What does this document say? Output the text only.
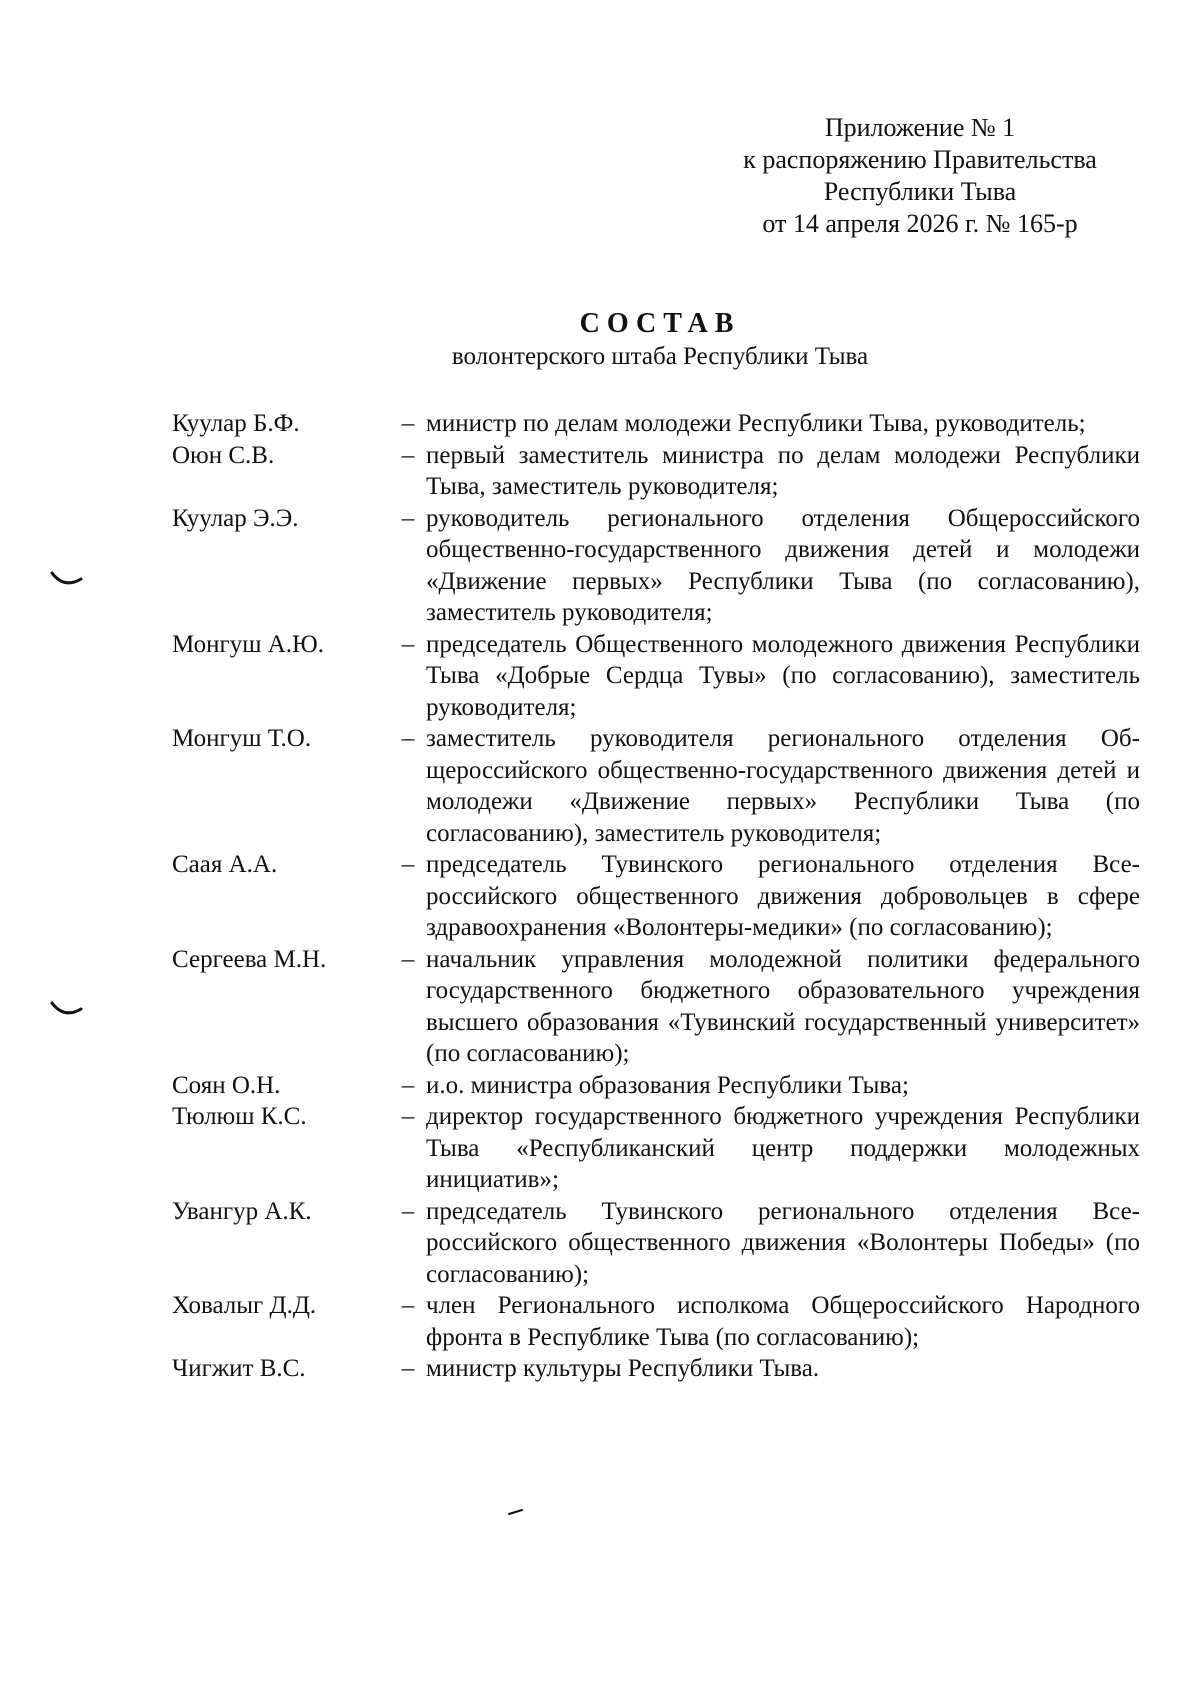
Приложение № 1
к распоряжению Правительства
Республики Тыва
от 14 апреля 2026 г. № 165-р
СОСТАВ
волонтерского штаба Республики Тыва
Куулар Б.Ф.	– министр по делам молодежи Республики Тыва, руководитель;
Оюн С.В.	– первый заместитель министра по делам молодежи Республики Тыва, заместитель руководителя;
Куулар Э.Э.	– руководитель регионального отделения Общероссийского общественно-государственного движения детей и молодежи «Движение первых» Республики Тыва (по согласованию), заместитель руководителя;
Монгуш А.Ю.	– председатель Общественного молодежного движения Республики Тыва «Добрые Сердца Тувы» (по согласованию), заместитель руководителя;
Монгуш Т.О.	– заместитель руководителя регионального отделения Общероссийского общественно-государственного движения детей и молодежи «Движение первых» Республики Тыва (по согласованию), заместитель руководителя;
Саая А.А.	– председатель Тувинского регионального отделения Всероссийского общественного движения добровольцев в сфере здравоохранения «Волонтеры-медики» (по согласованию);
Сергеева М.Н.	– начальник управления молодежной политики федерального государственного бюджетного образовательного учреждения высшего образования «Тувинский государственный университет» (по согласованию);
Соян О.Н.	– и.о. министра образования Республики Тыва;
Тюлюш К.С.	– директор государственного бюджетного учреждения Республики Тыва «Республиканский центр поддержки молодежных инициатив»;
Увангур А.К.	– председатель Тувинского регионального отделения Всероссийского общественного движения «Волонтеры Победы» (по согласованию);
Ховалыг Д.Д.	– член Регионального исполкома Общероссийского Народного фронта в Республике Тыва (по согласованию);
Чигжит В.С.	– министр культуры Республики Тыва.
